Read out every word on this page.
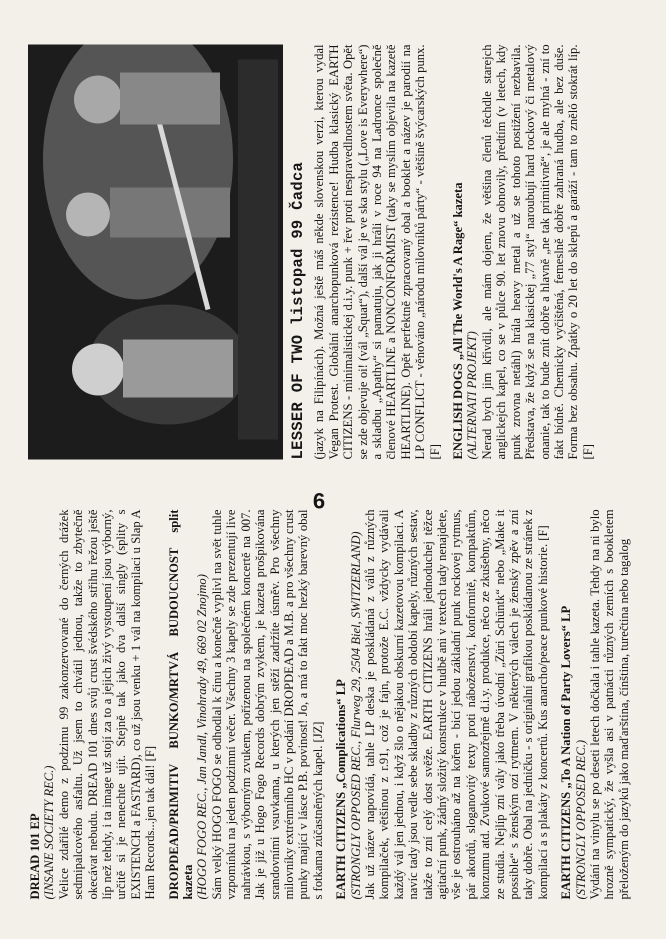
DREAD 101 EP (INSANE SOCIETY REC.) Velice zdařilé demo z podzimu 99 zakonzervované do černých drážek sedmipalcového asfaltu. Už jsem to chvátil jednou, takže to zbytečně okecávat nebudu. DREAD 101 dnes svůj crust švédského střihu řežou ještě líp než tehdy, i ta image už stojí za to a jejich živý vystoupení jsou výborný, určitě si je nenechte ujít. Stejně tak jako dva další singly (splity s EXISTENCH a FASTARD), co už jsou venku + 1 vál na kompilaci u Slap A Ham Records...jen tak dál! [F] DROPDEAD/PRIMITIV BUNKO/MRTVÁ BUDOUCNOST split kazeta (HOGO FOGO REC., Jan Jandl, Vinohrady 49, 669 02 Znojmo) Sám velký HOGO FOGO se odhodlal k činu a konečně vyplivl na svět tuhle vzpomínku na jeden podzimní večer. Všechny 3 kapely se zde prezentují live nahrávkou, s výborným zvukem, pořízenou na společném koncertě na 007. Jak je již u Hogo Fogo Records dobrým zvykem, je kazeta prošpikována srandovními vsuvkama, u kterých jen stěží zadržíte úsměv. Pro všechny milovníky extrémního HC v podání DROPDEAD a M.B. a pro všechny crust punky mající v lásce P.B. povinost! Jo, a má to fakt moc hezký barevný obal s fotkama zúčastněných kapel. [JZ] EARTH CITIZENS „Complications“ LP (STRONGLY OPPOSED REC., Flurweg 29, 2504 Biel, SWITZERLAND) Jak už název napovídá, tahle LP deska je poskládaná z válů z různých kompilaček, většinou z r.91, což je fajn, protože E.C. vždycky vydávali každý vál jen jednou, i když šlo o nějakou obskurní kazetovou kompilaci. A navíc tady jsou vedle sebe skladby z různých období kapely, různých sestav, takže to zní celý dost svěže. EARTH CITIZENS hráli jednoduchej těžce agitační punk, žádný složitý konstrukce v hudbě ani v textech tady nenajdete, vše je ostrouháno až na kořen - bicí jedou základní punk rockovej rytmus, pár akordů, sloganovitý texty proti náboženství, konformitě, kompaktům, konzumu atd. Zvukové samozřejmě d.i.y. produkce, něco ze zkušebny, něco ze studia. Nejlíp zní vály jako třeba úvodní „Züri Schüntk“ nebo „Make it possible“ s ženským ozí rytmem. V některých válech je ženský zpěv a zní taky dobře. Obal na jedničku - s originální grafikou poskládanou ze stránek z kompilací a s plakáty z koncertů. Kus anarcho/peace punkové historie. [F] EARTH CITIZENS „To A Nation of Party Lovers“ LP (STRONGLY OPPOSED REC.) Vydání na vinylu se po deseti letech dočkala i tahle kazeta. Tehdy na ni bylo hrozně sympatický, že vyšla asi v patnácti různých zemích s bookletem přeloženým do jazyků jako maďarština, čínština, turečtina nebo tagalog
6
LESSER OF TWO listopad 99 Čadca (jazyk na Filipínách). Možná ještě máš někde slovenskou verzi, kterou vydal Vegan Protest. Globální anarchopunková rezistence! Hudba klasický EARTH CITIZENS - minimalistickej d.i.y. punk + řev proti nespravedlnostem světa. Opět se zde objevuje oi! (vál „Squat“), další vál je ve ska stylu („Love is Everywhere“) a skladbu „Apathy“ si pamatuju, jak ji hráli v roce 94 na Ladronce společně členové HEARTLINE a NONCONFORMIST (taky se myslím objevila na kazetě HEARTLINE). Opět perfektně zpracovaný obal a booklet a název je parodií na LP CONFLICT - věnováno „národu milovníků párty“ - většině švýcarských punx. [F] ENGLISH DOGS „All The World's A Rage“ kazeta (ALTERNATI PROJEKT) Nerad bych jim křivdil, ale mám dojem, že většina členů těchdle starejch anglickejch kapel, co se v půlce 90. let znovu obnovily, předtím (v letech, kdy punk zrovna netáhl) hrála heavy metal a už se tohoto postižení nezbavila. Představa, že když se na klasickej „77 styl“ naroubují hard rockový či metalový onanie, tak to bude znít dobře a hlavně „ne tak primitivně“, je ale mylná - zní to fakt bídně. Chemicky vyčištěná, femeslně dobře zahraná hudba, ale bez duše. Forma bez obsahu. Zpátky o 20 let do sklepů a garáží - tam to zněló stokrát líp. [F]
